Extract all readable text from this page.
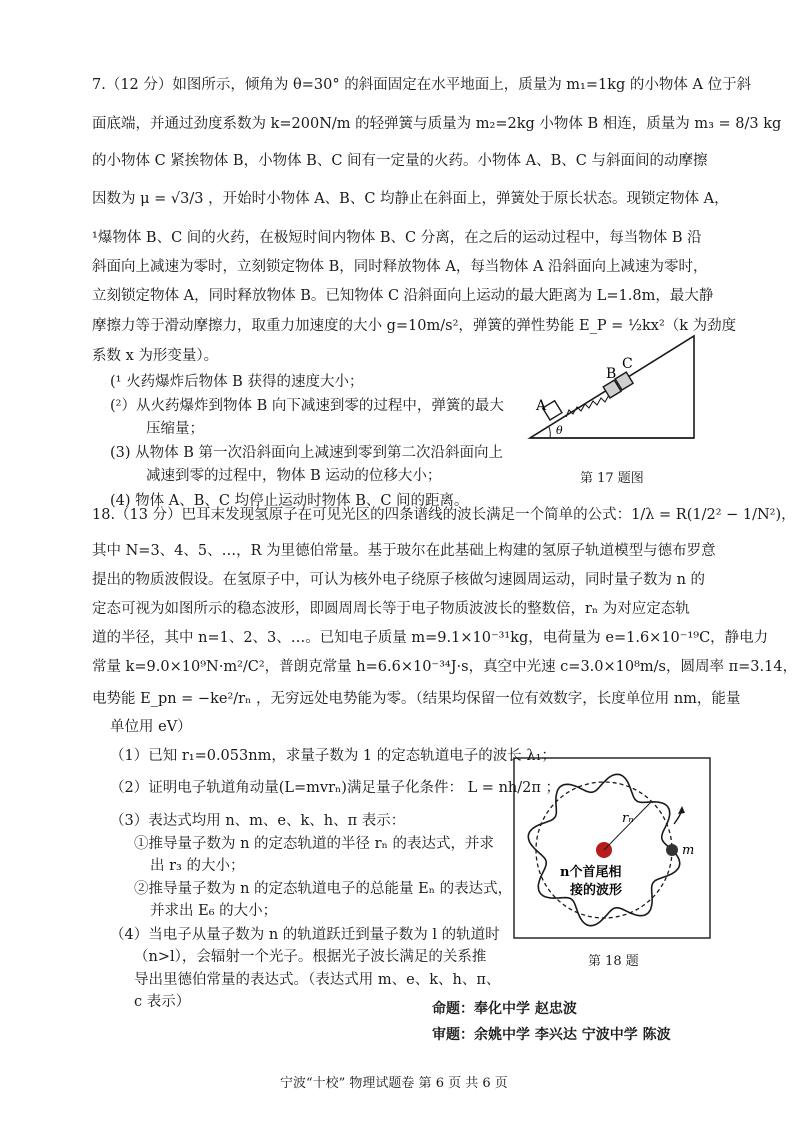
7.（12 分）如图所示，倾角为 θ=30° 的斜面固定在水平地面上，质量为 m₁=1kg 的小物体 A 位于斜
面底端，并通过劲度系数为 k=200N/m 的轻弹簧与质量为 m₂=2kg 小物体 B 相连，质量为 m₃ = 8/3 kg
的小物体 C 紧挨物体 B，小物体 B、C 间有一定量的火药。小物体 A、B、C 与斜面间的动摩擦
因数为 μ = √3/3 ，开始时小物体 A、B、C 均静止在斜面上，弹簧处于原长状态。现锁定物体 A，
¹爆物体 B、C 间的火药，在极短时间内物体 B、C 分离，在之后的运动过程中，每当物体 B 沿
斜面向上减速为零时，立刻锁定物体 B，同时释放物体 A，每当物体 A 沿斜面向上减速为零时，
立刻锁定物体 A，同时释放物体 B。已知物体 C 沿斜面向上运动的最大距离为 L=1.8m，最大静
摩擦力等于滑动摩擦力，取重力加速度的大小 g=10m/s²，弹簧的弹性势能 E_P = ½kx²（k 为劲度
系数 x 为形变量）。
(¹ 火药爆炸后物体 B 获得的速度大小；
(²）从火药爆炸到物体 B 向下减速到零的过程中，弹簧的最大
压缩量；
(3) 从物体 B 第一次沿斜面向上减速到零到第二次沿斜面向上
减速到零的过程中，物体 B 运动的位移大小；
(4) 物体 A、B、C 均停止运动时物体 B、C 间的距离。
A
B
C
θ
第 17 题图
18.（13 分）巴耳末发现氢原子在可见光区的四条谱线的波长满足一个简单的公式：1/λ = R(1/2² − 1/N²)，
其中 N=3、4、5、…，R 为里德伯常量。基于玻尔在此基础上构建的氢原子轨道模型与德布罗意
提出的物质波假设。在氢原子中，可认为核外电子绕原子核做匀速圆周运动，同时量子数为 n 的
定态可视为如图所示的稳态波形，即圆周周长等于电子物质波波长的整数倍，rₙ 为对应定态轨
道的半径，其中 n=1、2、3、…。已知电子质量 m=9.1×10⁻³¹kg，电荷量为 e=1.6×10⁻¹⁹C，静电力
常量 k=9.0×10⁹N·m²/C²，普朗克常量 h=6.6×10⁻³⁴J·s，真空中光速 c=3.0×10⁸m/s，圆周率 π=3.14，
电势能 E_pn = −ke²/rₙ ，无穷远处电势能为零。（结果均保留一位有效数字，长度单位用 nm，能量
单位用 eV）
（1）已知 r₁=0.053nm，求量子数为 1 的定态轨道电子的波长 λ₁；
（2）证明电子轨道角动量(L=mvrₙ)满足量子化条件： L = nh/2π ；
（3）表达式均用 n、m、e、k、h、π 表示：
①推导量子数为 n 的定态轨道的半径 rₙ 的表达式，并求
出 r₃ 的大小；
②推导量子数为 n 的定态轨道电子的总能量 Eₙ 的表达式，
并求出 E₆ 的大小；
（4）当电子从量子数为 n 的轨道跃迁到量子数为 l 的轨道时
（n>l），会辐射一个光子。根据光子波长满足的关系推
导出里德伯常量的表达式。（表达式用 m、e、k、h、π、
c 表示）
rₙ
m
n个首尾相
接的波形
第 18 题
命题：奉化中学 赵忠波
审题：余姚中学 李兴达 宁波中学 陈波
宁波“十校” 物理试题卷 第 6 页 共 6 页
